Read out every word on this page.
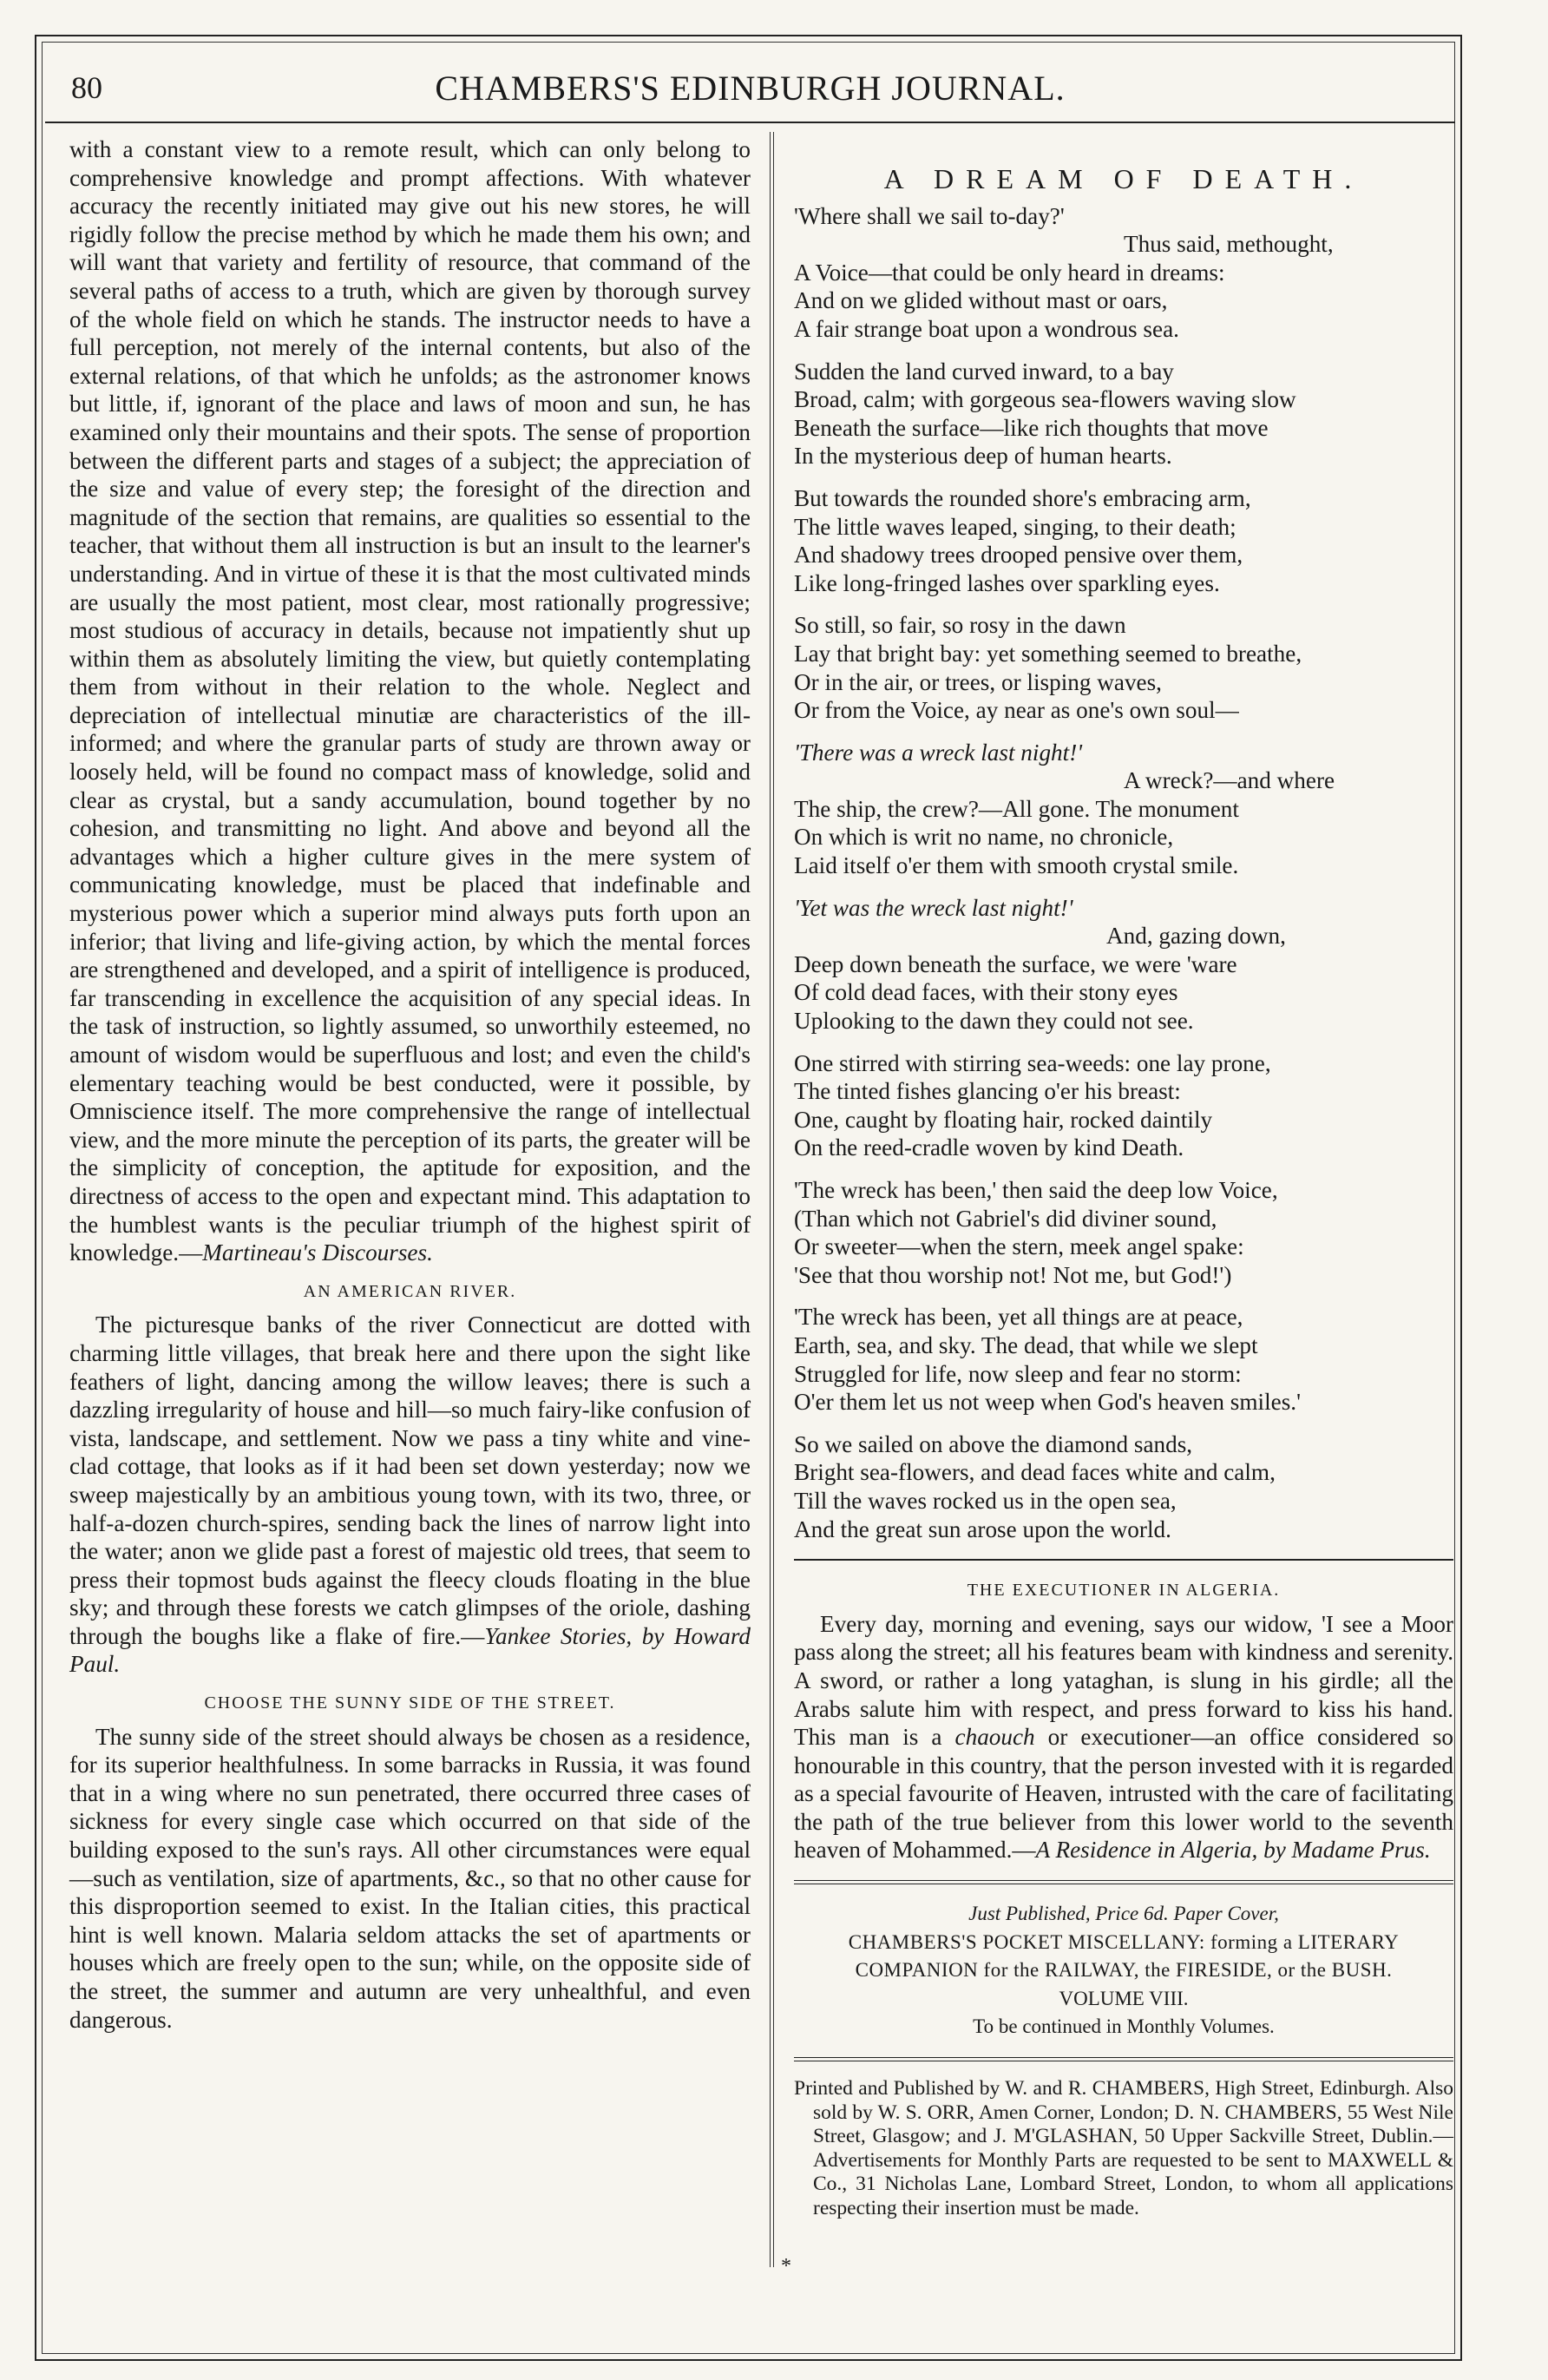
80	CHAMBERS'S EDINBURGH JOURNAL.

with a constant view to a remote result, which can only belong to comprehensive knowledge and prompt affections. With whatever accuracy the recently initiated may give out his new stores, he will rigidly follow the precise method by which he made them his own; and will want that variety and fertility of resource, that command of the several paths of access to a truth, which are given by thorough survey of the whole field on which he stands. The instructor needs to have a full perception, not merely of the internal contents, but also of the external relations, of that which he unfolds; as the astronomer knows but little, if, ignorant of the place and laws of moon and sun, he has examined only their mountains and their spots. The sense of proportion between the different parts and stages of a subject; the appreciation of the size and value of every step; the foresight of the direction and magnitude of the section that remains, are qualities so essential to the teacher, that without them all instruction is but an insult to the learner's understanding. And in virtue of these it is that the most cultivated minds are usually the most patient, most clear, most rationally progressive; most studious of accuracy in details, because not impatiently shut up within them as absolutely limiting the view, but quietly contemplating them from without in their relation to the whole. Neglect and depreciation of intellectual minutiæ are characteristics of the ill-informed; and where the granular parts of study are thrown away or loosely held, will be found no compact mass of knowledge, solid and clear as crystal, but a sandy accumulation, bound together by no cohesion, and transmitting no light. And above and beyond all the advantages which a higher culture gives in the mere system of communicating knowledge, must be placed that indefinable and mysterious power which a superior mind always puts forth upon an inferior; that living and life-giving action, by which the mental forces are strengthened and developed, and a spirit of intelligence is produced, far transcending in excellence the acquisition of any special ideas. In the task of instruction, so lightly assumed, so unworthily esteemed, no amount of wisdom would be superfluous and lost; and even the child's elementary teaching would be best conducted, were it possible, by Omniscience itself. The more comprehensive the range of intellectual view, and the more minute the perception of its parts, the greater will be the simplicity of conception, the aptitude for exposition, and the directness of access to the open and expectant mind. This adaptation to the humblest wants is the peculiar triumph of the highest spirit of knowledge.—Martineau's Discourses.

AN AMERICAN RIVER.

The picturesque banks of the river Connecticut are dotted with charming little villages, that break here and there upon the sight like feathers of light, dancing among the willow leaves; there is such a dazzling irregularity of house and hill—so much fairy-like confusion of vista, landscape, and settlement. Now we pass a tiny white and vine-clad cottage, that looks as if it had been set down yesterday; now we sweep majestically by an ambitious young town, with its two, three, or half-a-dozen church-spires, sending back the lines of narrow light into the water; anon we glide past a forest of majestic old trees, that seem to press their topmost buds against the fleecy clouds floating in the blue sky; and through these forests we catch glimpses of the oriole, dashing through the boughs like a flake of fire.—Yankee Stories, by Howard Paul.

CHOOSE THE SUNNY SIDE OF THE STREET.

The sunny side of the street should always be chosen as a residence, for its superior healthfulness. In some barracks in Russia, it was found that in a wing where no sun penetrated, there occurred three cases of sickness for every single case which occurred on that side of the building exposed to the sun's rays. All other circumstances were equal—such as ventilation, size of apartments, &c., so that no other cause for this disproportion seemed to exist. In the Italian cities, this practical hint is well known. Malaria seldom attacks the set of apartments or houses which are freely open to the sun; while, on the opposite side of the street, the summer and autumn are very unhealthful, and even dangerous.

A DREAM OF DEATH.
'Where shall we sail to-day?'
Thus said, methought,
A Voice—that could be only heard in dreams:
And on we glided without mast or oars,
A fair strange boat upon a wondrous sea.
Sudden the land curved inward, to a bay
Broad, calm; with gorgeous sea-flowers waving slow
Beneath the surface—like rich thoughts that move
In the mysterious deep of human hearts.
But towards the rounded shore's embracing arm,
The little waves leaped, singing, to their death;
And shadowy trees drooped pensive over them,
Like long-fringed lashes over sparkling eyes.
So still, so fair, so rosy in the dawn
Lay that bright bay: yet something seemed to breathe,
Or in the air, or trees, or lisping waves,
Or from the Voice, ay near as one's own soul—
'There was a wreck last night!'
A wreck?—and where
The ship, the crew?—All gone. The monument
On which is writ no name, no chronicle,
Laid itself o'er them with smooth crystal smile.
'Yet was the wreck last night!'
And, gazing down,
Deep down beneath the surface, we were 'ware
Of cold dead faces, with their stony eyes
Uplooking to the dawn they could not see.
One stirred with stirring sea-weeds: one lay prone,
The tinted fishes glancing o'er his breast:
One, caught by floating hair, rocked daintily
On the reed-cradle woven by kind Death.
'The wreck has been,' then said the deep low Voice,
(Than which not Gabriel's did diviner sound,
Or sweeter—when the stern, meek angel spake:
'See that thou worship not! Not me, but God!')
'The wreck has been, yet all things are at peace,
Earth, sea, and sky. The dead, that while we slept
Struggled for life, now sleep and fear no storm:
O'er them let us not weep when God's heaven smiles.'
So we sailed on above the diamond sands,
Bright sea-flowers, and dead faces white and calm,
Till the waves rocked us in the open sea,
And the great sun arose upon the world.
THE EXECUTIONER IN ALGERIA.

Every day, morning and evening, says our widow, 'I see a Moor pass along the street; all his features beam with kindness and serenity. A sword, or rather a long yataghan, is slung in his girdle; all the Arabs salute him with respect, and press forward to kiss his hand. This man is a chaouch or executioner—an office considered so honourable in this country, that the person invested with it is regarded as a special favourite of Heaven, intrusted with the care of facilitating the path of the true believer from this lower world to the seventh heaven of Mohammed.—A Residence in Algeria, by Madame Prus.

Just Published, Price 6d. Paper Cover,
CHAMBERS'S POCKET MISCELLANY: forming a LITERARY COMPANION for the RAILWAY, the FIRESIDE, or the BUSH.
VOLUME VIII.
To be continued in Monthly Volumes.

Printed and Published by W. and R. CHAMBERS, High Street, Edinburgh. Also sold by W. S. ORR, Amen Corner, London; D. N. CHAMBERS, 55 West Nile Street, Glasgow; and J. M'GLASHAN, 50 Upper Sackville Street, Dublin.—Advertisements for Monthly Parts are requested to be sent to MAXWELL & Co., 31 Nicholas Lane, Lombard Street, London, to whom all applications respecting their insertion must be made.

*
